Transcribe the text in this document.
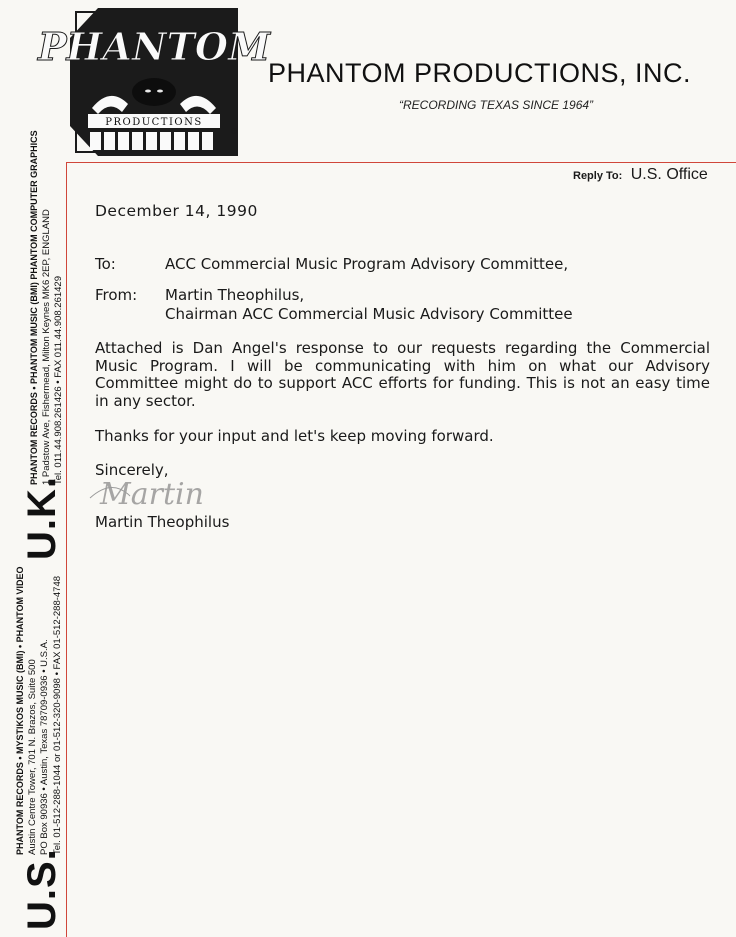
PHANTOM
PRODUCTIONS
®
PHANTOM PRODUCTIONS, INC.
“RECORDING TEXAS SINCE 1964”
Reply To: U.S. Office
U.K.
PHANTOM RECORDS • PHANTOM MUSIC (BMI) PHANTOM COMPUTER GRAPHICS 1 Padstow Ave, Fishermead, Milton Keynes MK6 2EP, ENGLAND Tel. 011.44.908.261426 • FAX 011.44.908.261429
U.S.
PHANTOM RECORDS • MYSTIKOS MUSIC (BMI) • PHANTOM VIDEO Austin Centre Tower, 701 N. Brazos, Suite 500 PO Box 90936 • Austin, Texas 78709-0936 • U.S.A. Tel. 01-512-288-1044 or 01-512-320-9098 • FAX 01-512-288-4748
December 14, 1990
To:	ACC Commercial Music Program Advisory Committee,
From: Martin Theophilus,
Chairman ACC Commercial Music Advisory Committee
Attached is Dan Angel's response to our requests regarding the Commercial Music Program. I will be communicating with him on what our Advisory Committee might do to support ACC efforts for funding. This is not an easy time in any sector.
Thanks for your input and let's keep moving forward.
Sincerely,
Martin
Martin Theophilus
